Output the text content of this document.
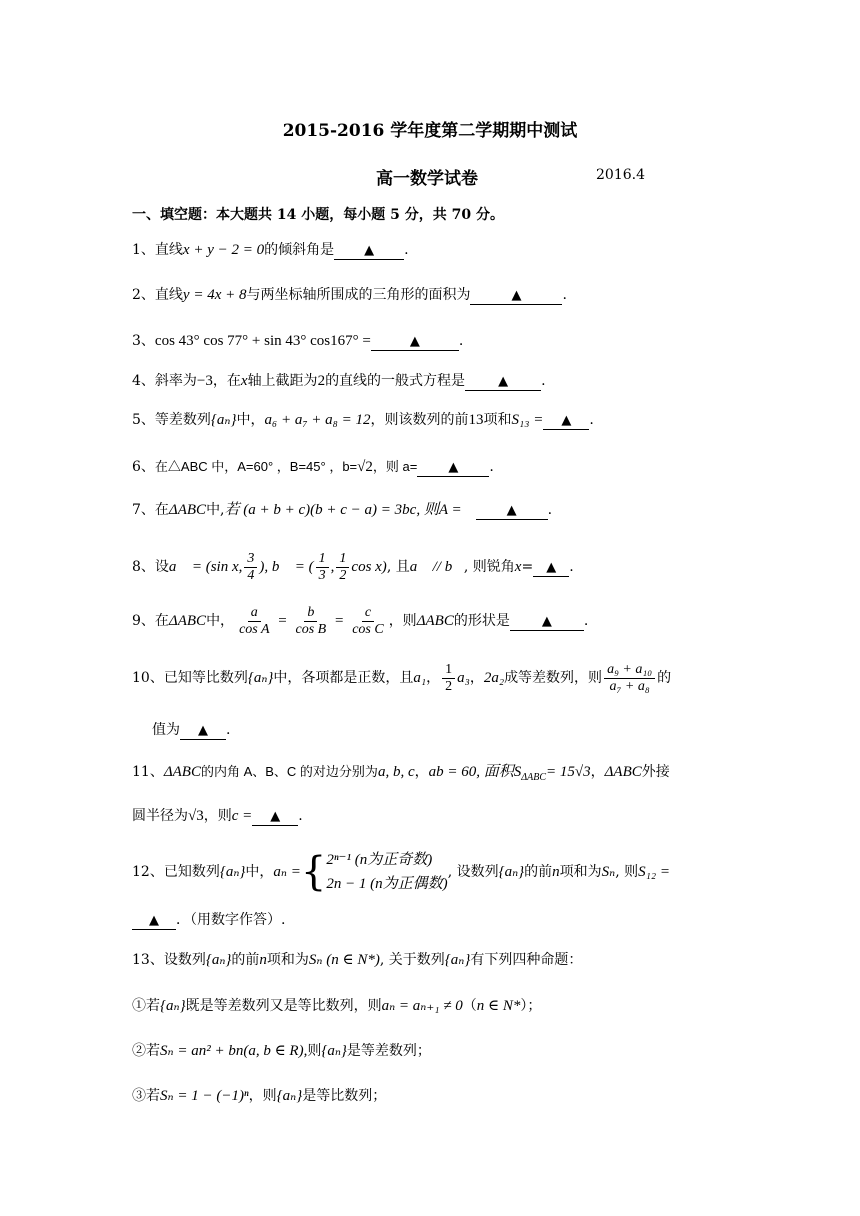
2015-2016 学年度第二学期期中测试
高一数学试卷	2016.4
一、填空题：本大题共 14 小题，每小题 5 分，共 70 分。
1、直线x + y − 2 = 0的倾斜角是 ▲ .
2、直线y = 4x + 8与两坐标轴所围成的三角形的面积为	▲	.
3、cos 43° cos 77° + sin 43° cos167° =	▲	.
4、斜率为−3，在x轴上截距为2的直线的一般式方程是	▲ .
5、等差数列{aₙ}中，a₆ + a₇ + a₈ = 12，则该数列的前13项和S₁₃ = ▲ .
6、在△ABC 中，A=60° ，B=45° ，b=√2，则 a= ▲ .
7、在ΔABC中,若 (a + b + c)(b + c − a) = 3bc, 则A =	▲ .
8、设a⃗ = (sin x, $\frac{3}{4}$ ), b⃗ = ( $\frac{1}{3}$ , $\frac{1}{2}$ cos x), 且a⃗ // b⃗, 则锐角x= ▲ .
9、在ΔABC中， $\frac{a}{\text{cos A}} = \frac{b}{\text{cos B}} = \frac{c}{\text{cos C}}$ ，则ΔABC的形状是 ▲ .
10、已知等比数列{aₙ}中，各项都是正数，且a₁， $\frac{1}{2} a_3$，2a₂成等差数列，则 $\frac{\text{a₉ + a₁₀}}{\text{a₇ + a₈}}$ 的
值为 ▲ .
11、ΔABC的内角 A、B、C 的对边分别为a, b, c，ab = 60, 面积$S_{\Delta ABC}= 15√3$，ΔABC外接
圆半径为√3，则c = ▲ .
12、已知数列{aₙ}中，aₙ ={ 2ⁿ⁻¹ (n为正奇数)
2n − 1 (n为正偶数)
, 设数列{aₙ}的前n项和为Sₙ, 则S₁₂ =
▲ ．（用数字作答）.
13、设数列{aₙ}的前n项和为Sₙ (n ∈ N*), 关于数列{aₙ}有下列四种命题：
①若{aₙ}既是等差数列又是等比数列，则aₙ = aₙ₊₁ ≠ 0（n ∈ N*）；
②若Sₙ = an² + bn(a, b ∈ R),则{aₙ}是等差数列；
③若Sₙ = 1 − (−1)ⁿ，则{aₙ}是等比数列；
